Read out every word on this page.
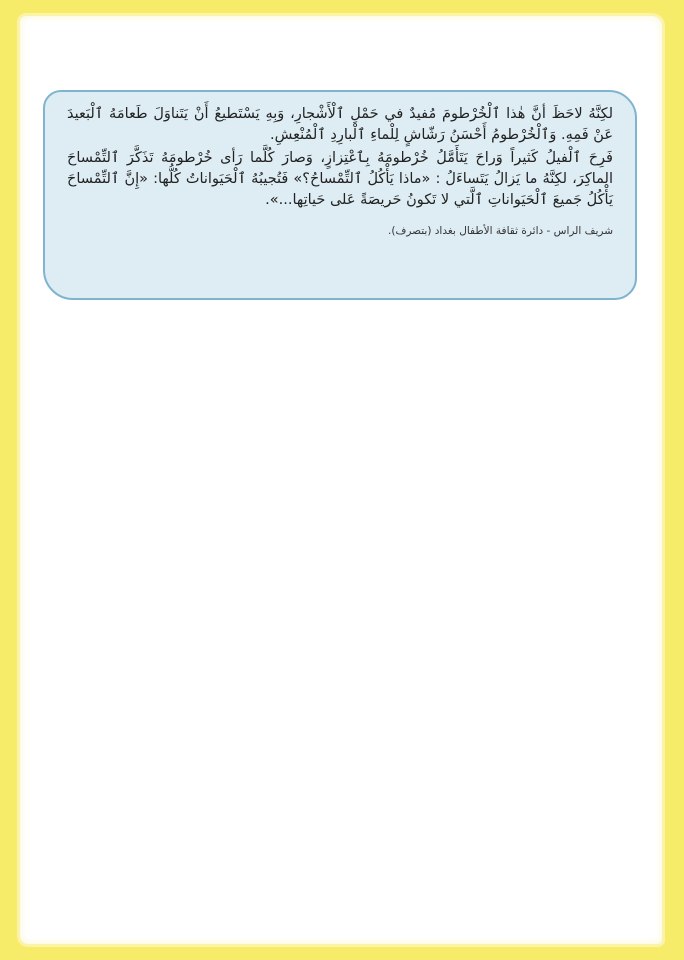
لكِنَّهُ لاحَظَ أنَّ هٰذا ٱلْخُرْطومَ مُفيدٌ في حَمْلِ ٱلْأَشْجارِ، وَبِهِ يَسْتَطيعُ أَنْ يَتَناوَلَ طَعامَهُ ٱلْبَعيدَ عَنْ فَمِهِ. وَٱلْخُرْطومُ أَحْسَنُ رَشّاشٍ لِلْماءِ ٱلْبارِدِ ٱلْمُنْعِشِ.

فَرِحَ ٱلْفيلُ كَثيراً وَراحَ يَتَأَمَّلُ خُرْطومَهُ بِٱعْتِزازٍ، وَصارَ كُلَّما رَأى خُرْطومَهُ تَذَكَّرَ ٱلتِّمْساحَ الماكِرَ، لكِنَّهُ ما يَزالُ يَتَساءَلُ : «ماذا يَأْكُلُ ٱلتِّمْساحُ؟» فَتُجيبُهُ ٱلْحَيَواناتُ كُلُّها: «إِنَّ ٱلتِّمْساحَ يَأْكُلُ جَميعَ ٱلْحَيَواناتِ ٱلَّتي لا تَكونُ حَريصَةً عَلى حَياتِها...».

شريف الراس - دائرة ثقافة الأطفال بغداد (بتصرف).
